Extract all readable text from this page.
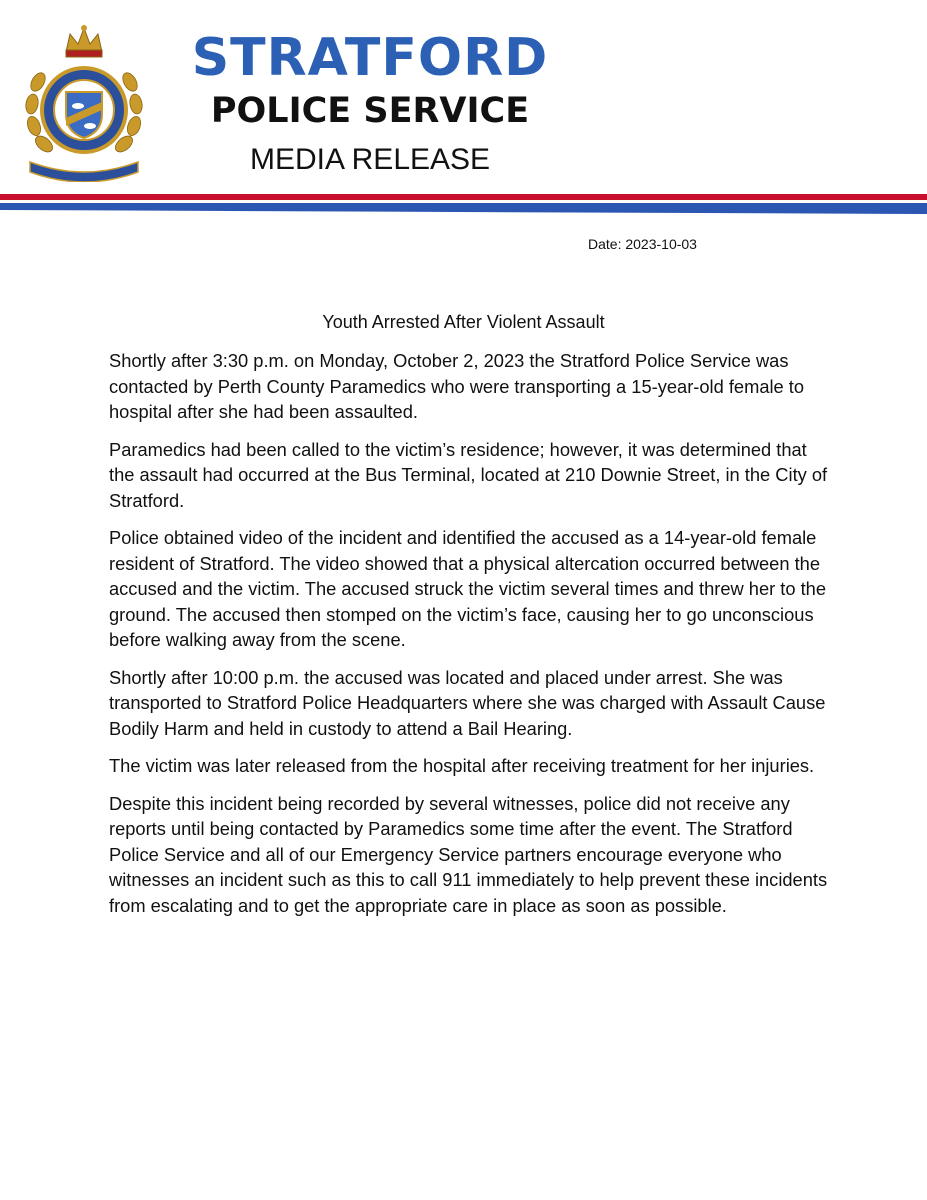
STRATFORD
POLICE SERVICE
MEDIA RELEASE
Date: 2023-10-03
Youth Arrested After Violent Assault

Shortly after 3:30 p.m. on Monday, October 2, 2023 the Stratford Police Service was contacted by Perth County Paramedics who were transporting a 15-year-old female to hospital after she had been assaulted.

Paramedics had been called to the victim’s residence; however, it was determined that the assault had occurred at the Bus Terminal, located at 210 Downie Street, in the City of Stratford.

Police obtained video of the incident and identified the accused as a 14-year-old female resident of Stratford. The video showed that a physical altercation occurred between the accused and the victim. The accused struck the victim several times and threw her to the ground. The accused then stomped on the victim’s face, causing her to go unconscious before walking away from the scene.

Shortly after 10:00 p.m. the accused was located and placed under arrest. She was transported to Stratford Police Headquarters where she was charged with Assault Cause Bodily Harm and held in custody to attend a Bail Hearing.

The victim was later released from the hospital after receiving treatment for her injuries.

Despite this incident being recorded by several witnesses, police did not receive any reports until being contacted by Paramedics some time after the event. The Stratford Police Service and all of our Emergency Service partners encourage everyone who witnesses an incident such as this to call 911 immediately to help prevent these incidents from escalating and to get the appropriate care in place as soon as possible.
